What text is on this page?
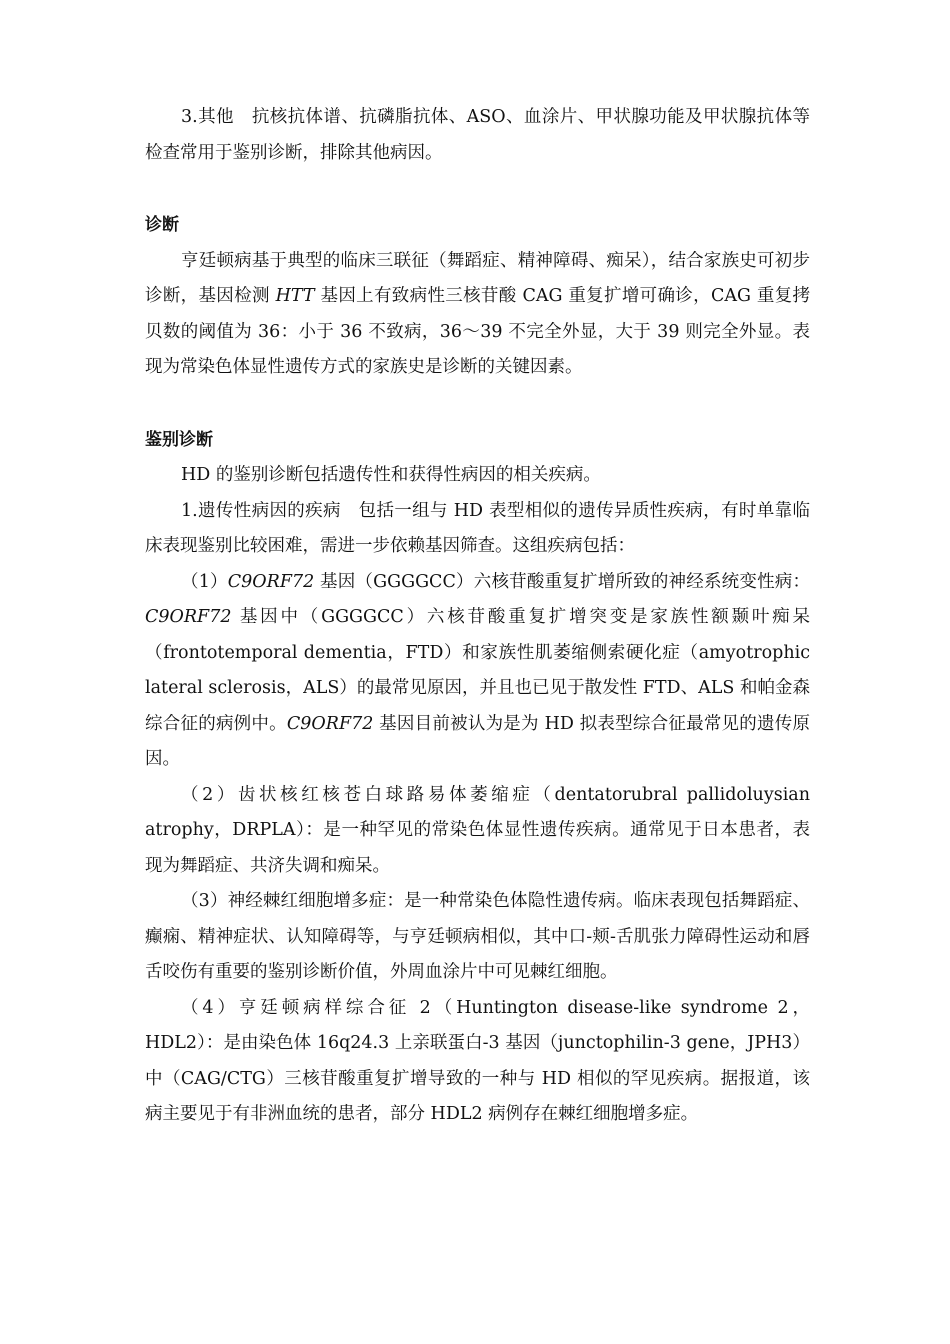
3.其他 抗核抗体谱、抗磷脂抗体、ASO、血涂片、甲状腺功能及甲状腺抗体等检查常用于鉴别诊断，排除其他病因。

诊断

亨廷顿病基于典型的临床三联征（舞蹈症、精神障碍、痴呆），结合家族史可初步诊断，基因检测 HTT 基因上有致病性三核苷酸 CAG 重复扩增可确诊，CAG 重复拷贝数的阈值为 36：小于 36 不致病，36～39 不完全外显，大于 39 则完全外显。表现为常染色体显性遗传方式的家族史是诊断的关键因素。

鉴别诊断

HD 的鉴别诊断包括遗传性和获得性病因的相关疾病。

1.遗传性病因的疾病 包括一组与 HD 表型相似的遗传异质性疾病，有时单靠临床表现鉴别比较困难，需进一步依赖基因筛查。这组疾病包括：

（1）C9ORF72 基因（GGGGCC）六核苷酸重复扩增所致的神经系统变性病：C9ORF72 基因中（GGGGCC）六核苷酸重复扩增突变是家族性额颞叶痴呆（frontotemporal dementia，FTD）和家族性肌萎缩侧索硬化症（amyotrophic lateral sclerosis，ALS）的最常见原因，并且也已见于散发性 FTD、ALS 和帕金森综合征的病例中。C9ORF72 基因目前被认为是为 HD 拟表型综合征最常见的遗传原因。

（2）齿状核红核苍白球路易体萎缩症（dentatorubral pallidoluysian atrophy，DRPLA）：是一种罕见的常染色体显性遗传疾病。通常见于日本患者，表现为舞蹈症、共济失调和痴呆。

（3）神经棘红细胞增多症：是一种常染色体隐性遗传病。临床表现包括舞蹈症、癫痫、精神症状、认知障碍等，与亨廷顿病相似，其中口-颊-舌肌张力障碍性运动和唇舌咬伤有重要的鉴别诊断价值，外周血涂片中可见棘红细胞。

（4）亨廷顿病样综合征 2（Huntington disease-like syndrome 2，HDL2）：是由染色体 16q24.3 上亲联蛋白-3 基因（junctophilin-3 gene，JPH3）中（CAG/CTG）三核苷酸重复扩增导致的一种与 HD 相似的罕见疾病。据报道，该病主要见于有非洲血统的患者，部分 HDL2 病例存在棘红细胞增多症。
